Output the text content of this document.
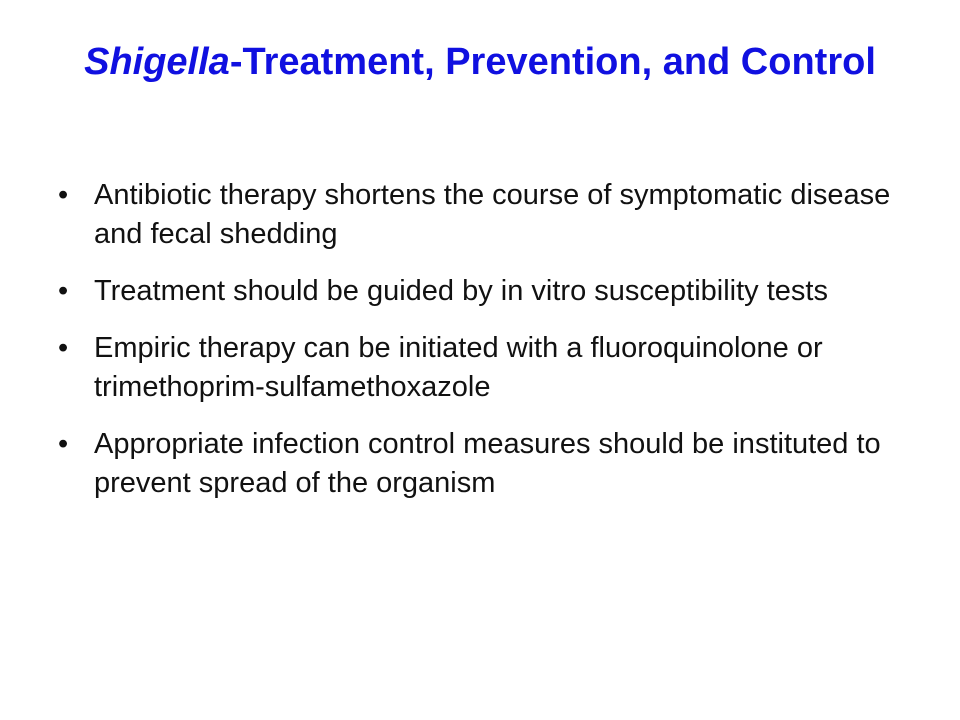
Shigella-Treatment, Prevention, and Control
• Antibiotic therapy shortens the course of symptomatic disease and fecal shedding
• Treatment should be guided by in vitro susceptibility tests
• Empiric therapy can be initiated with a fluoroquinolone or trimethoprim-sulfamethoxazole
• Appropriate infection control measures should be instituted to prevent spread of the organism
